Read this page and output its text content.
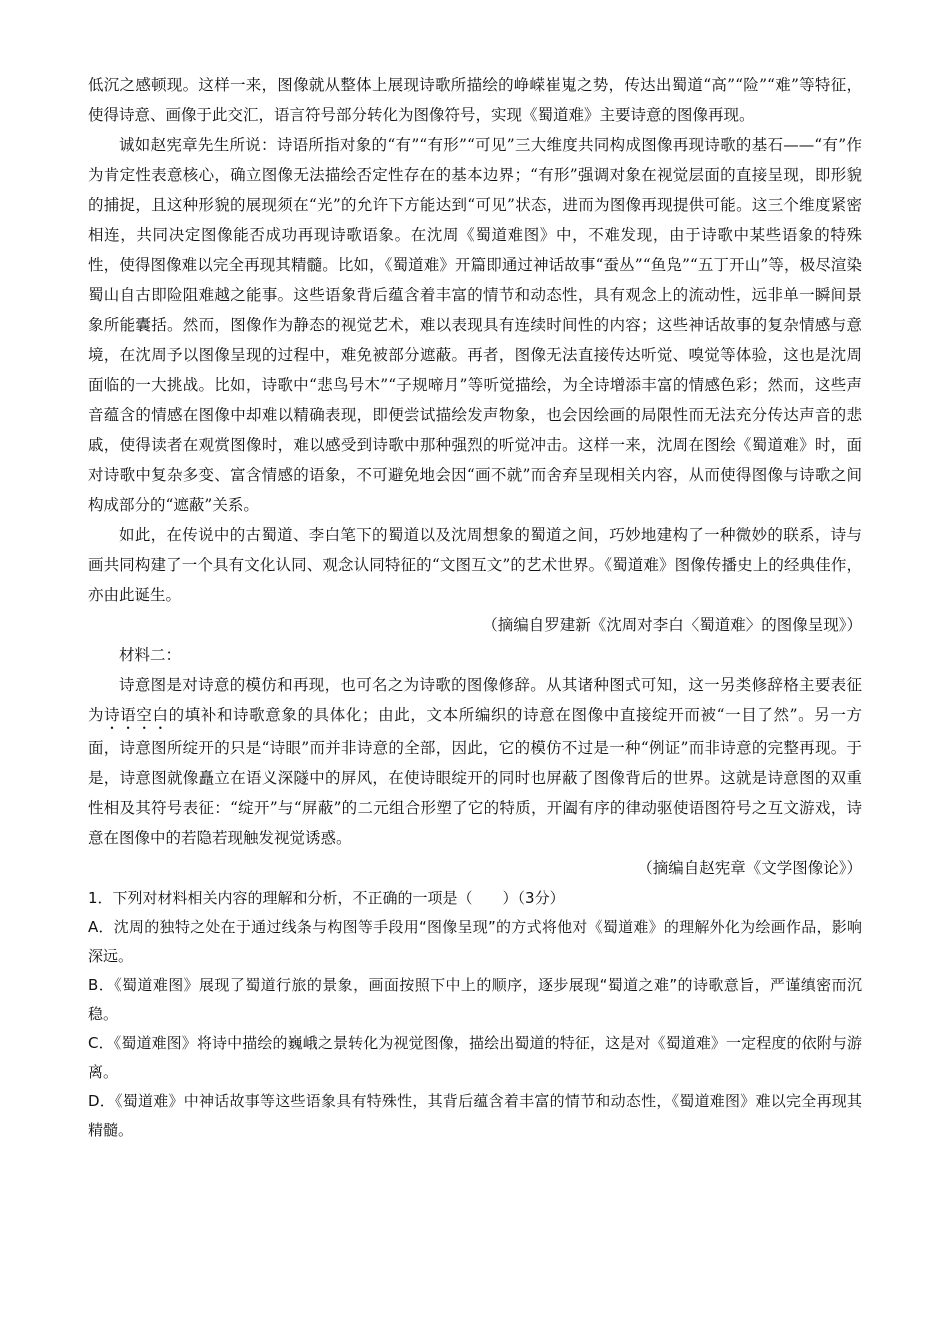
低沉之感顿现。这样一来，图像就从整体上展现诗歌所描绘的峥嵘崔嵬之势，传达出蜀道“高”“险”“难”等特征，使得诗意、画像于此交汇，语言符号部分转化为图像符号，实现《蜀道难》主要诗意的图像再现。

诚如赵宪章先生所说：诗语所指对象的“有”“有形”“可见”三大维度共同构成图像再现诗歌的基石——“有”作为肯定性表意核心，确立图像无法描绘否定性存在的基本边界；“有形”强调对象在视觉层面的直接呈现，即形貌的捕捉，且这种形貌的展现须在“光”的允许下方能达到“可见”状态，进而为图像再现提供可能。这三个维度紧密相连，共同决定图像能否成功再现诗歌语象。在沈周《蜀道难图》中，不难发现，由于诗歌中某些语象的特殊性，使得图像难以完全再现其精髓。比如，《蜀道难》开篇即通过神话故事“蚕丛”“鱼凫”“五丁开山”等，极尽渲染蜀山自古即险阻难越之能事。这些语象背后蕴含着丰富的情节和动态性，具有观念上的流动性，远非单一瞬间景象所能囊括。然而，图像作为静态的视觉艺术，难以表现具有连续时间性的内容；这些神话故事的复杂情感与意境，在沈周予以图像呈现的过程中，难免被部分遮蔽。再者，图像无法直接传达听觉、嗅觉等体验，这也是沈周面临的一大挑战。比如，诗歌中“悲鸟号木”“子规啼月”等听觉描绘，为全诗增添丰富的情感色彩；然而，这些声音蕴含的情感在图像中却难以精确表现，即便尝试描绘发声物象，也会因绘画的局限性而无法充分传达声音的悲戚，使得读者在观赏图像时，难以感受到诗歌中那种强烈的听觉冲击。这样一来，沈周在图绘《蜀道难》时，面对诗歌中复杂多变、富含情感的语象，不可避免地会因“画不就”而舍弃呈现相关内容，从而使得图像与诗歌之间构成部分的“遮蔽”关系。

如此，在传说中的古蜀道、李白笔下的蜀道以及沈周想象的蜀道之间，巧妙地建构了一种微妙的联系，诗与画共同构建了一个具有文化认同、观念认同特征的“文图互文”的艺术世界。《蜀道难》图像传播史上的经典佳作，亦由此诞生。

（摘编自罗建新《沈周对李白〈蜀道难〉的图像呈现》）

材料二：

诗意图是对诗意的模仿和再现，也可名之为诗歌的图像修辞。从其诸种图式可知，这一另类修辞格主要表征为诗语空白的填补和诗歌意象的具体化；由此，文本所编织的诗意在图像中直接绽开而被“一目了然”。另一方面，诗意图所绽开的只是“诗眼”而并非诗意的全部，因此，它的模仿不过是一种“例证”而非诗意的完整再现。于是，诗意图就像矗立在语义深隧中的屏风，在使诗眼绽开的同时也屏蔽了图像背后的世界。这就是诗意图的双重性相及其符号表征：“绽开”与“屏蔽”的二元组合形塑了它的特质，开阖有序的律动驱使语图符号之互文游戏，诗意在图像中的若隐若现触发视觉诱惑。

（摘编自赵宪章《文学图像论》）

1．下列对材料相关内容的理解和分析，不正确的一项是（　　）（3分）

A．沈周的独特之处在于通过线条与构图等手段用“图像呈现”的方式将他对《蜀道难》的理解外化为绘画作品，影响深远。

B．《蜀道难图》展现了蜀道行旅的景象，画面按照下中上的顺序，逐步展现“蜀道之难”的诗歌意旨，严谨缜密而沉稳。

C．《蜀道难图》将诗中描绘的巍峨之景转化为视觉图像，描绘出蜀道的特征，这是对《蜀道难》一定程度的依附与游离。

D．《蜀道难》中神话故事等这些语象具有特殊性，其背后蕴含着丰富的情节和动态性，《蜀道难图》难以完全再现其精髓。
